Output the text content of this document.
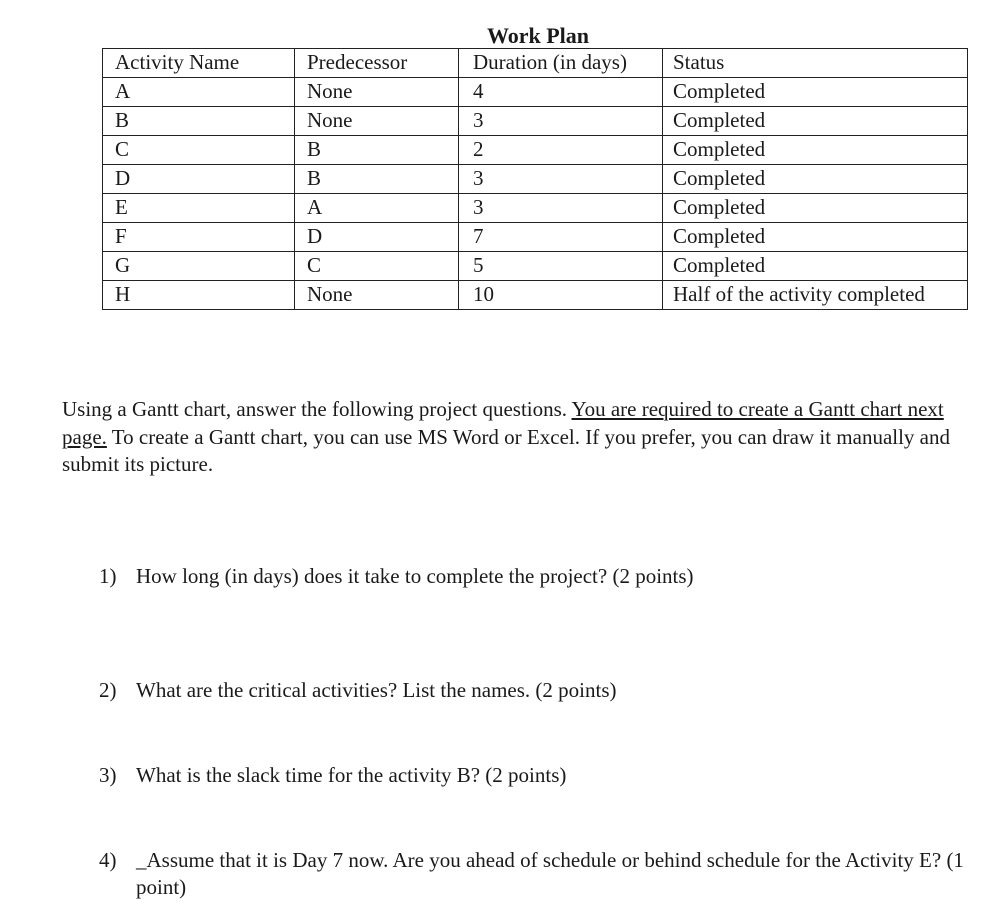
Work Plan
Activity Name	Predecessor	Duration (in days)	Status
A	None	4	Completed
B	None	3	Completed
C	B	2	Completed
D	B	3	Completed
E	A	3	Completed
F	D	7	Completed
G	C	5	Completed
H	None	10	Half of the activity completed
Using a Gantt chart, answer the following project questions. You are required to create a Gantt chart next page. To create a Gantt chart, you can use MS Word or Excel. If you prefer, you can draw it manually and submit its picture.
1) How long (in days) does it take to complete the project? (2 points)
2) What are the critical activities? List the names. (2 points)
3) What is the slack time for the activity B? (2 points)
4) _Assume that it is Day 7 now. Are you ahead of schedule or behind schedule for the Activity E? (1 point)
